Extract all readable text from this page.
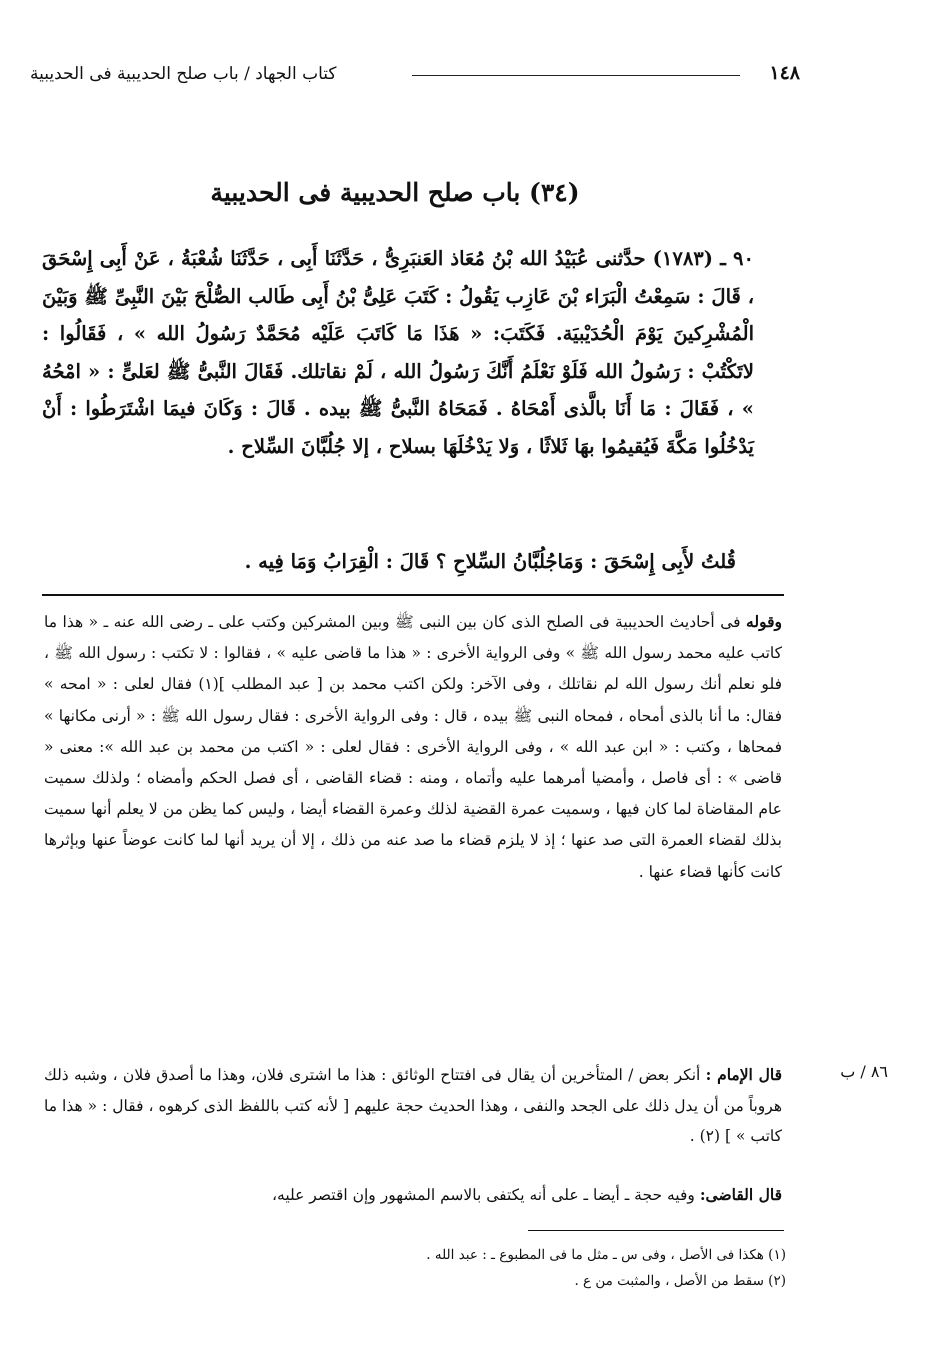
١٤٨
كتاب الجهاد / باب صلح الحديبية فى الحديبية
(٣٤) باب صلح الحديبية فى الحديبية
٩٠ ـ (١٧٨٣) حدَّثنى عُبَيْدُ الله بْنُ مُعَاذ العَنبَرِىُّ ، حَدَّثَنَا أَبِى ، حَدَّثَنَا شُعْبَةُ ، عَنْ أَبِى إِسْحَقَ ، قَالَ : سَمِعْتُ الْبَرَاء بْنَ عَازِب يَقُولُ : كَتَبَ عَلِىُّ بْنُ أَبِى طَالب الصُّلْحَ بَيْنَ النَّبِىِّ ﷺ وَبَيْنَ الْمُشْرِكينَ يَوْمَ الْحُدَيْبيَة. فَكَتَبَ: « هَذَا مَا كَاتَبَ عَلَيْه مُحَمَّدٌ رَسُولُ الله » ، فَقَالُوا : لاتَكْتُبْ : رَسُولُ الله فَلَوْ نَعْلَمُ أَنَّكَ رَسُولُ الله ، لَمْ نقاتلك. فَقَالَ النَّبىُّ ﷺ لعَلىٍّ : « امْحُهُ » ، فَقَالَ : مَا أَنَا بالَّذى أَمْحَاهُ . فَمَحَاهُ النَّبىُّ ﷺ بيده . قَالَ : وَكَانَ فيمَا اشْتَرَطُوا : أَنْ يَدْخُلُوا مَكَّةَ فَيُقيمُوا بهَا ثَلاثًا ، وَلا يَدْخُلَهَا بسلاح ، إلا جُلُبَّانَ السِّلاح .
قُلتُ لأَبِى إِسْحَقَ : وَمَاجُلُبَّانُ السِّلاحِ ؟ قَالَ : الْقِرَابُ وَمَا فِيه .
وقوله فى أحاديث الحديبية فى الصلح الذى كان بين النبى ﷺ وبين المشركين وكتب على ـ رضى الله عنه ـ « هذا ما كاتب عليه محمد رسول الله ﷺ » وفى الرواية الأخرى : « هذا ما قاضى عليه » ، فقالوا : لا تكتب : رسول الله ﷺ ، فلو نعلم أنك رسول الله لم نقاتلك ، وفى الآخر: ولكن اكتب محمد بن [ عبد المطلب ](١) فقال لعلى : « امحه » فقال: ما أنا بالذى أمحاه ، فمحاه النبى ﷺ بيده ، قال : وفى الرواية الأخرى : فقال رسول الله ﷺ : « أرنى مكانها » فمحاها ، وكتب : « ابن عبد الله » ، وفى الرواية الأخرى : فقال لعلى : « اكتب من محمد بن عبد الله »: معنى « قاضى » : أى فاصل ، وأمضيا أمرهما عليه وأتماه ، ومنه : قضاء القاضى ، أى فصل الحكم وأمضاه ؛ ولذلك سميت عام المقاضاة لما كان فيها ، وسميت عمرة القضية لذلك وعمرة القضاء أيضا ، وليس كما يظن من لا يعلم أنها سميت بذلك لقضاء العمرة التى صد عنها ؛ إذ لا يلزم قضاء ما صد عنه من ذلك ، إلا أن يريد أنها لما كانت عوضاً عنها وبإثرها كانت كأنها قضاء عنها .
٨٦ / ب
قال الإمام : أنكر بعض / المتأخرين أن يقال فى افتتاح الوثائق : هذا ما اشترى فلان، وهذا ما أصدق فلان ، وشبه ذلك هروباً من أن يدل ذلك على الجحد والنفى ، وهذا الحديث حجة عليهم [ لأنه كتب باللفظ الذى كرهوه ، فقال : « هذا ما كاتب » ] (٢) .
قال القاضى: وفيه حجة ـ أيضا ـ على أنه يكتفى بالاسم المشهور وإن اقتصر عليه،
(١) هكذا فى الأصل ، وفى س ـ مثل ما فى المطبوع ـ : عبد الله .
(٢) سقط من الأصل ، والمثبت من ع .
